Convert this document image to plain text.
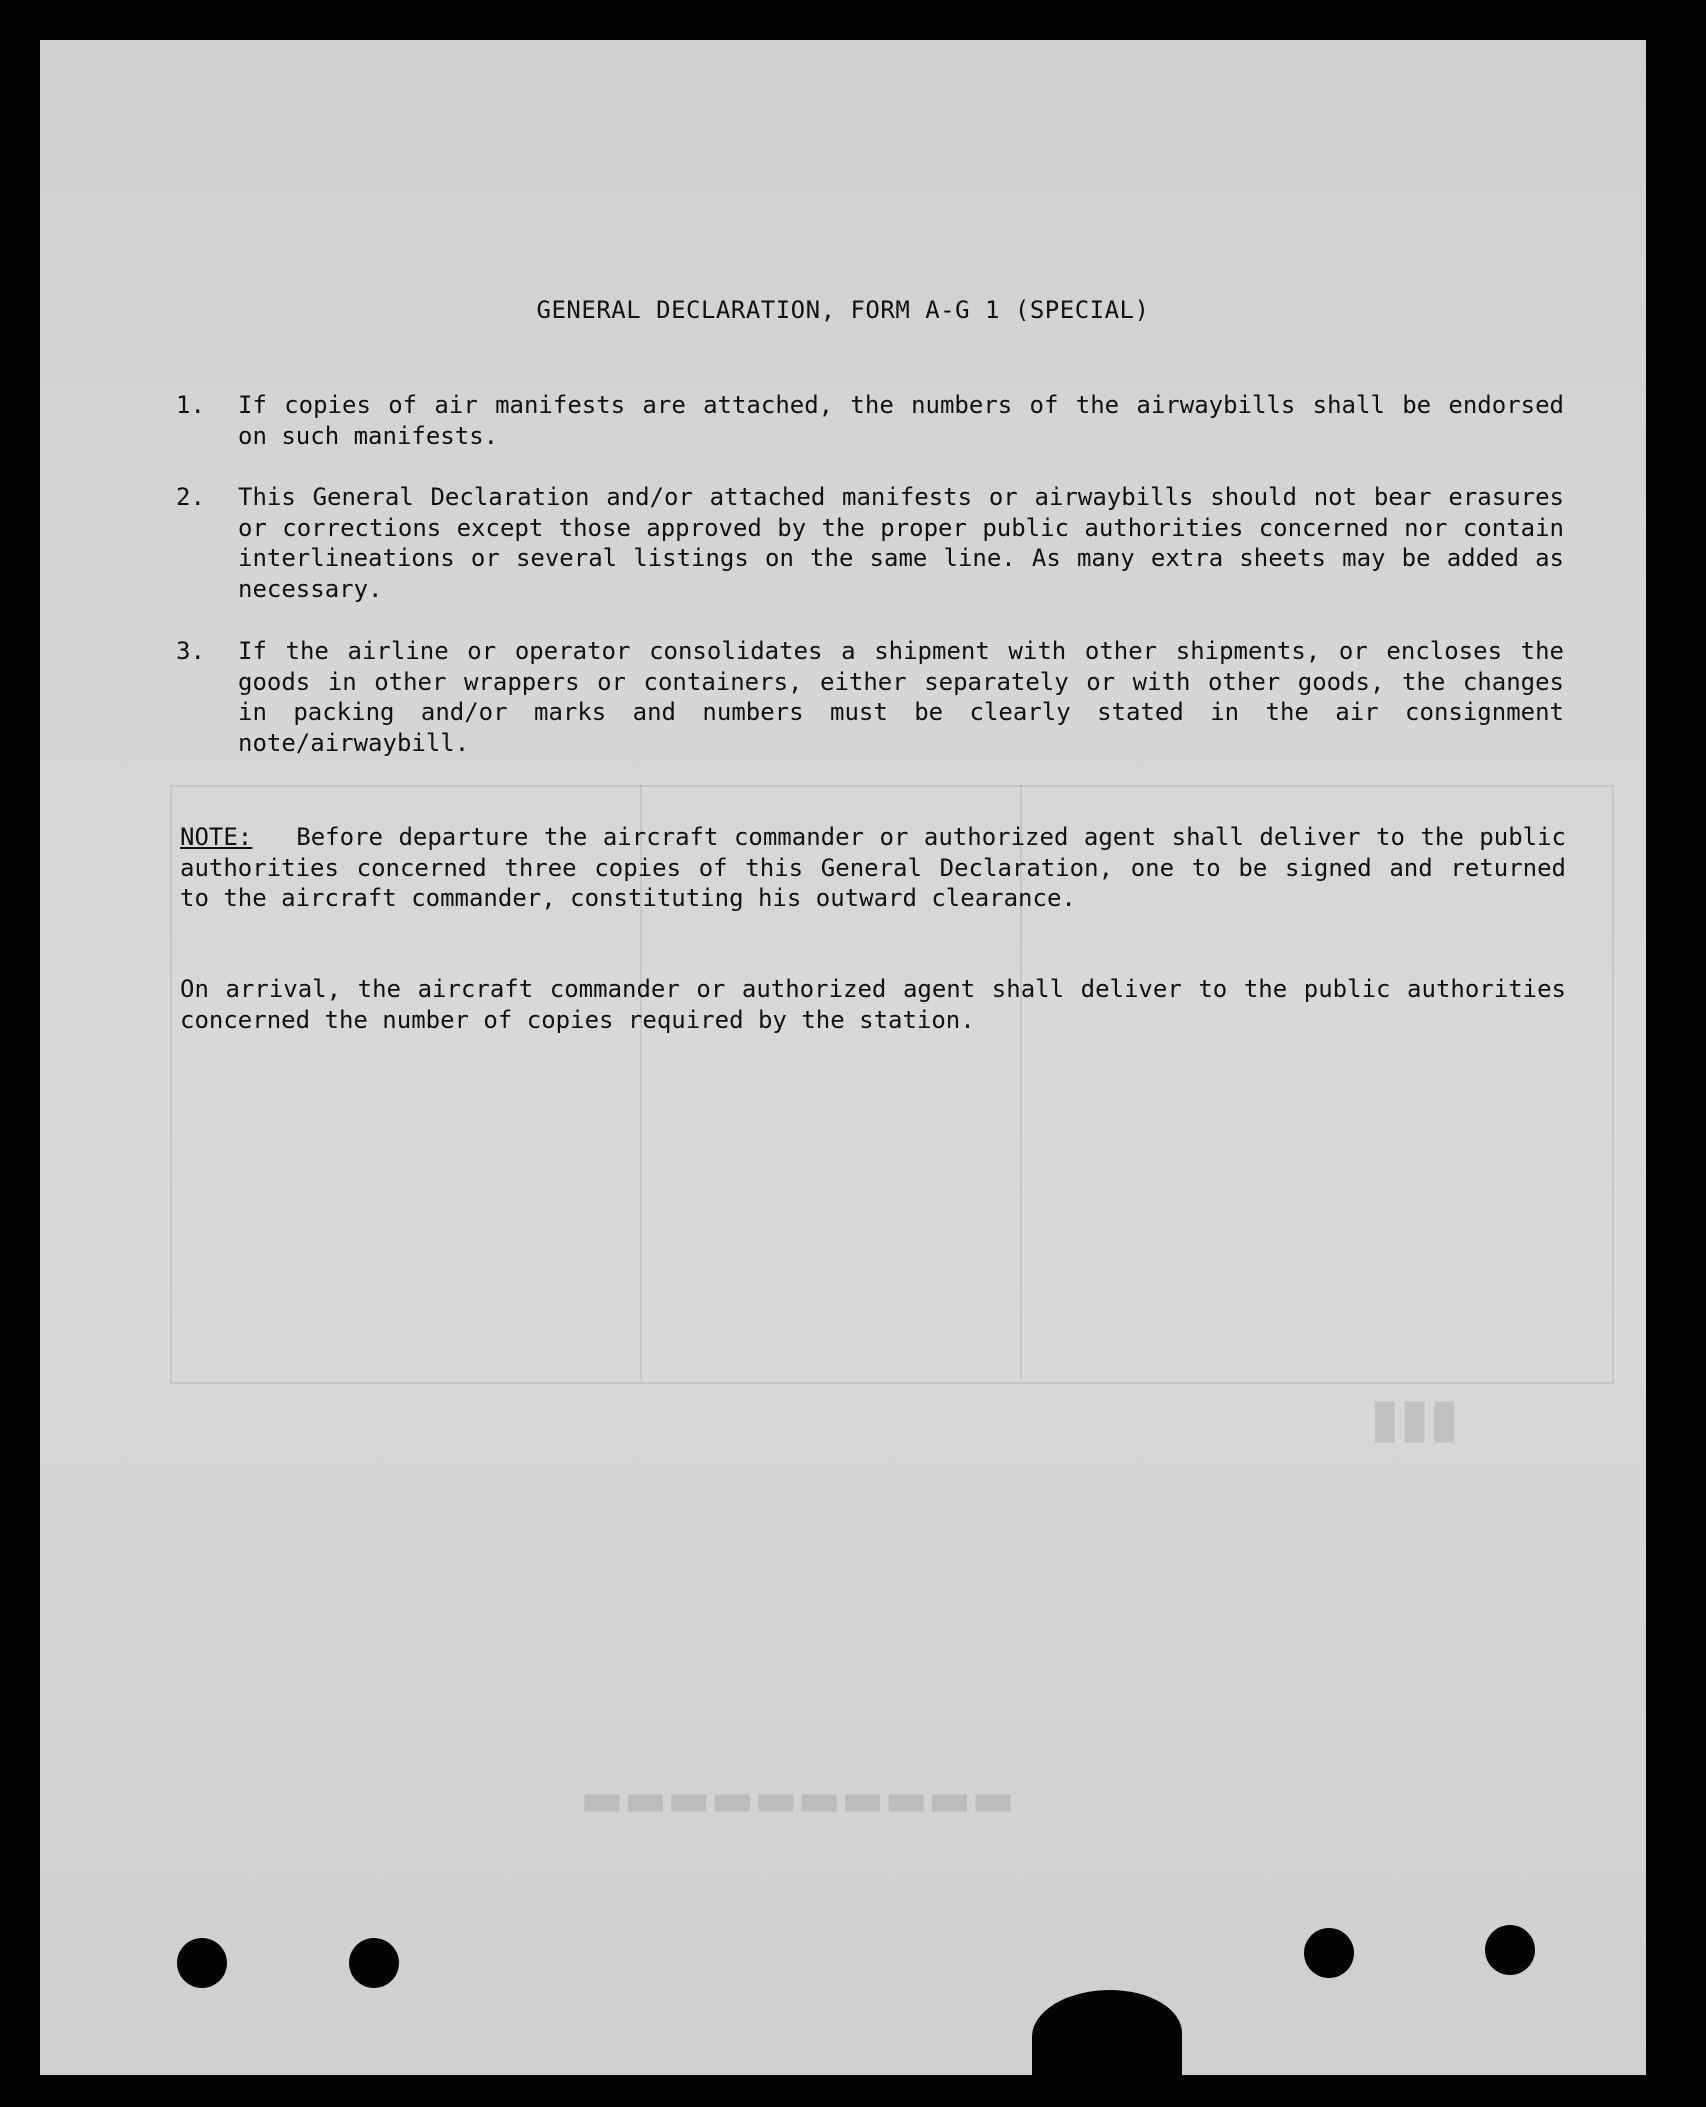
▬▬▬▬▬▬▬▬▬▬
▮▮▮
GENERAL DECLARATION, FORM A-G 1 (SPECIAL)
1. If copies of air manifests are attached, the numbers of the airwaybills shall be endorsed on such manifests.
2. This General Declaration and/or attached manifests or airwaybills should not bear erasures or corrections except those approved by the proper public authorities concerned nor contain interlineations or several listings on the same line. As many extra sheets may be added as necessary.
3. If the airline or operator consolidates a shipment with other shipments, or encloses the goods in other wrappers or containers, either separately or with other goods, the changes in packing and/or marks and numbers must be clearly stated in the air consignment note/airwaybill.
NOTE: Before departure the aircraft commander or authorized agent shall deliver to the public authorities concerned three copies of this General Declaration, one to be signed and returned to the aircraft commander, constituting his outward clearance.
On arrival, the aircraft commander or authorized agent shall deliver to the public authorities concerned the number of copies required by the station.
